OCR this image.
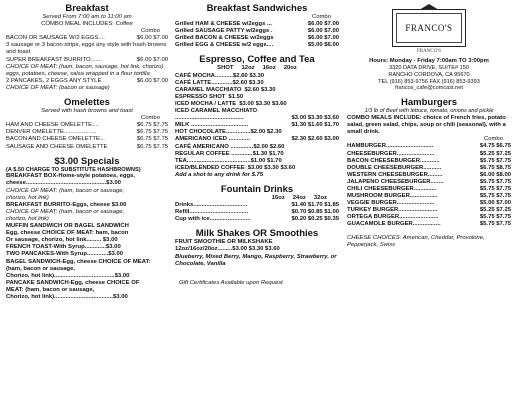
Breakfast
Served From 7:00 am to 11:00 am
COMBO MEAL INCLUDES: Coffee
Combo
BACON OR SAUSAGE W/2 EGGS....	$6.00 $7.00
3 sausage or 3 bacon strips, eggs any style with hash browns and toast
SUPER BREAKFAST BURRITO.......	$6.00 $7.00
CHOICE OF MEAT: (ham, bacon, sausage, hot link, chorizo) eggs, potatoes, cheese, salsa wrapped in a flour tortilla
2 PANCAKES, 2 EGGS ANY STYLE .	$6.00 $7.00
CHOICE OF MEAT: (bacon or sausage)
Omelettes
Served with hash browns and toast
Combo
HAM AND CHEESE OMELETTE....	$6.75 $7.75
DENVER OMELETTE....................	$6.75 $7.75
BACON AND CHEESE OMELETTE...	$6.75 $7.75
SAUSAGE AND CHEESE OMELETTE	$6.75 $7.75
$3.00 Specials
(A $.50 CHARGE TO SUBSTITUTE HASHBROWNS)
BREAKFAST BOX-Home-style potatoes, eggs,
cheese.................................................$3.00
CHOICE OF MEAT: (ham, bacon or sausage,
chorizo, hot link)
BREAKFAST BURRITO-Eggs, cheese $3.00
CHOICE OF MEAT: (ham, bacon or sausage,
chorizo, hot link)
MUFFIN SANDWICH OR BAGEL SANDWICH
Egg, cheese CHOICE OF MEAT: ham, bacon
Or sausage, chorizo, hot link......... $3.00
FRENCH TOAST-With Syrup.............$3.00
TWO PANCAKES-With Syrup.............$3.00
BAGEL SANDWICH-Egg, cheese CHOICE OF MEAT:
(ham, bacon or sausage,
Chorizo, hot link).....................................$3.00
PANCAKE SANDWICH-Egg, cheese CHOICE OF
MEAT: (ham, bacon or sausage,
Chorizo, hot link)....................................$3.00
Breakfast Sandwiches
Combo
Grilled HAM & CHEESE w/2eggs ...	$6.00 $7.00
Grilled SAUSAGE PATTY w/2eggs .	$6.00 $7.00
Grilled BACON & CHEESE w/2eggs	$6.00 $7.00
Grilled EGG & CHEESE w/2 eggs....	$5.00 $6.00
Espresso, Coffee and Tea
SHOT 12oz 16oz 20oz
CAFÉ MOCHA ...........$2.60 $3.30
CAFÉ LATTE .............$2.60 $3.30
CARAMEL MACCHIATO $2.60 $3.30
ESPRESSO SHOT $1.50
ICED MOCHA / LATTE $3.00 $3.30 $3.60
ICED CARAMEL MACCHIATO
..........................................	$3.00 $3.30 $3.60
MILK ...................................	$1.30 $1.60 $1.70
HOT CHOCOLATE............... $2.00 $2.30
AMERICANO ICED .............	$2.30 $2.60 $3.00
CAFÉ AMERICANO .............. $2.00 $2.60
REGULAR COFFEE ............. $1.30 $1.70
TEA....................................... $1.00 $1.70
ICED/BLENDED COFFEE $3.00 $3.30 $3.60
Add a shot to any drink for $.75
Fountain Drinks
16oz 24oz 32oz
Drinks.................................	$1.40 $1.70 $1.85
Refill....................................	$0.70 $0.85 $1.00
Cup with ice.........................	$0.20 $0.25 $0.35
Milk Shakes OR Smoothies
FRUIT SMOOTHIE OR MILKSHAKE
12oz/16oz/20oz.........$3.00 $3.30 $3.60
Blueberry, Mixed Berry, Mango, Raspberry, Strawberry, or Chocolate, Vanilla
Gift Certificates Available upon Request
FRANCO'S
FRANCO'S
Hours: Monday - Friday 7:00am TO 3:00pm
3320 DATA DRIVE, SUITE# 150
RANCHO CORDOVA, CA 95670
TEL (916) 853-9756 FAX (916) 853-9393
francos_cafe@comcast.net
Hamburgers
1/3 lb of Beef with lettuce, tomato, onions and pickle
COMBO MEALS INCLUDE: choice of French fries, potato salad, green salad, chips, soup or chili (seasonal), with a small drink.
Combo
HAMBURGER.............................	$4.75 $6.75
CHEESEBURGER.......................	$5.25 $7.25
BACON CHEESEBURGER............	$5.75 $7.75
DOUBLE CHEESEBURGER...........	$6.75 $8.75
WESTERN CHEESEBURGER.........	$6.00 $8.00
JALAPENO CHEESEBURGER........	$5.75 $7.75
CHILI CHEESEBURGER..............	$5.75 $7.75
MUSHROOM BURGER.................	$5.75 $7.75
VEGGIE BURGER.......................	$5.00 $7.00
TURKEY BURGER........................	$5.25 $7.25
ORTEGA BURGER........................	$5.75 $7.75
GUACAMOLE BURGER.................	$5.75 $7.75
CHEESE CHOICES: American, Cheddar, Provolone, Pepperjack, Swiss
